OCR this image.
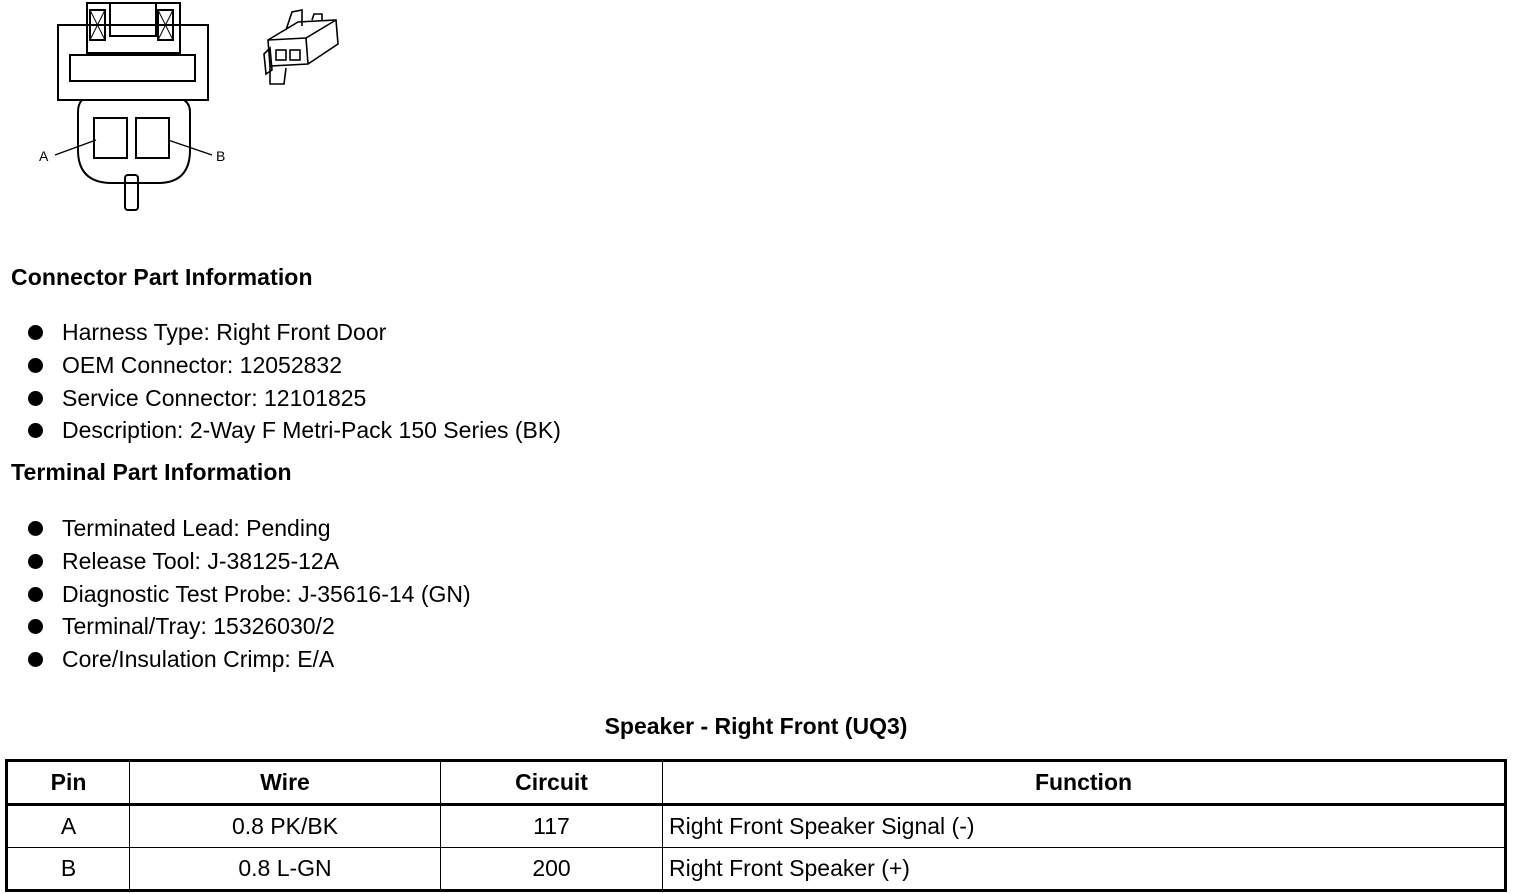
A	B
Connector Part Information
Harness Type: Right Front Door
OEM Connector: 12052832
Service Connector: 12101825
Description: 2-Way F Metri-Pack 150 Series (BK)
Terminal Part Information
Terminated Lead: Pending
Release Tool: J-38125-12A
Diagnostic Test Probe: J-35616-14 (GN)
Terminal/Tray: 15326030/2
Core/Insulation Crimp: E/A

Speaker - Right Front (UQ3)

Pin	Wire	Circuit	Function
A	0.8 PK/BK	117	Right Front Speaker Signal (-)
B	0.8 L-GN	200	Right Front Speaker (+)
